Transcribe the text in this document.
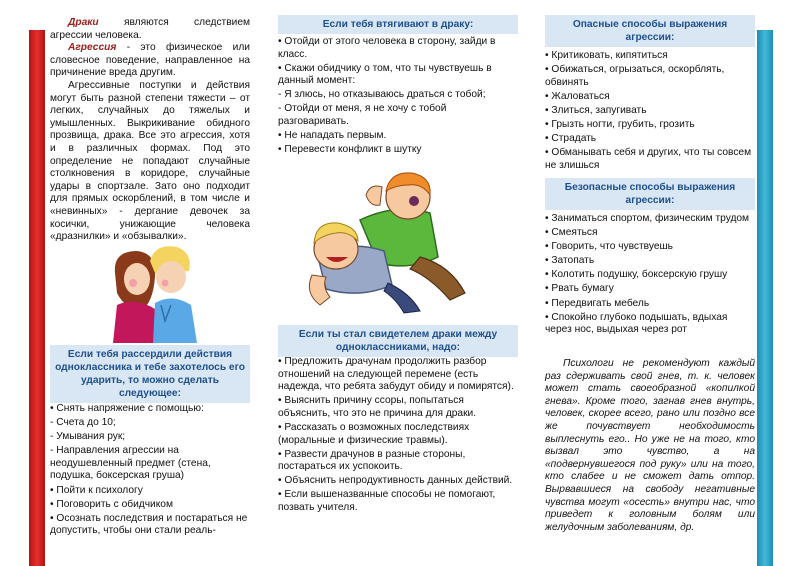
Драки являются следствием агрессии человека.

Агрессия - это физическое или словесное поведение, направленное на причинение вреда другим.

Агрессивные поступки и действия могут быть разной степени тяжести – от легких, случайных до тяжелых и умышленных. Выкрикивание обидного прозвища, драка. Все это агрессия, хотя и в различных формах. Под это определение не попадают случайные столкновения в коридоре, случайные удары в спортзале. Зато оно подходит для прямых оскорблений, в том числе и «невинных» - дергание девочек за косички, унижающие человека «дразнилки» и «обзывалки».

Если тебя рассердили действия одноклассника и тебе захотелось его ударить, то можно сделать следующее:
• Снять напряжение с помощью:
- Счета до 10;
- Умывания рук;
- Направления агрессии на неодушевленный предмет (стена, подушка, боксерская груша)
• Пойти к психологу
• Поговорить с обидчиком
• Осознать последствия и постараться не допустить, чтобы они стали реаль-
Если тебя втягивают в драку:
• Отойди от этого человека в сторону, зайди в класс.
• Скажи обидчику о том, что ты чувствуешь в данный момент:
- Я злюсь, но отказываюсь драться с тобой;
- Отойди от меня, я не хочу с тобой разговаривать.
• Не нападать первым.
• Перевести конфликт в шутку
Если ты стал свидетелем драки между одноклассниками, надо:
• Предложить драчунам продолжить разбор отношений на следующей перемене (есть надежда, что ребята забудут обиду и помирятся).
• Выяснить причину ссоры, попытаться объяснить, что это не причина для драки.
• Рассказать о возможных последствиях (моральные и физические травмы).
• Развести драчунов в разные стороны, постараться их успокоить.
• Объяснить непродуктивность данных действий.
• Если вышеназванные способы не помогают, позвать учителя.
Опасные способы выражения агрессии:
• Критиковать, кипятиться
• Обижаться, огрызаться, оскорблять, обвинять
• Жаловаться
• Злиться, запугивать
• Грызть ногти, грубить, грозить
• Страдать
• Обманывать себя и других, что ты совсем не злишься
Безопасные способы выражения агрессии:
• Заниматься спортом, физическим трудом
• Смеяться
• Говорить, что чувствуешь
• Затопать
• Колотить подушку, боксерскую грушу
• Рвать бумагу
• Передвигать мебель
• Спокойно глубоко подышать, вдыхая через нос, выдыхая через рот

Психологи не рекомендуют каждый раз сдерживать свой гнев, т. к. человек может стать своеобразной «копилкой гнева». Кроме того, загнав гнев внутрь, человек, скорее всего, рано или поздно все же почувствует необходимость выплеснуть его.. Но уже не на того, кто вызвал это чувство, а на «подвернувшегося под руку» или на того, кто слабее и не сможет дать отпор. Вырвавшиеся на свободу негативные чувства могут «осесть» внутри нас, что приведет к головным болям или желудочным заболеваниям, др.
